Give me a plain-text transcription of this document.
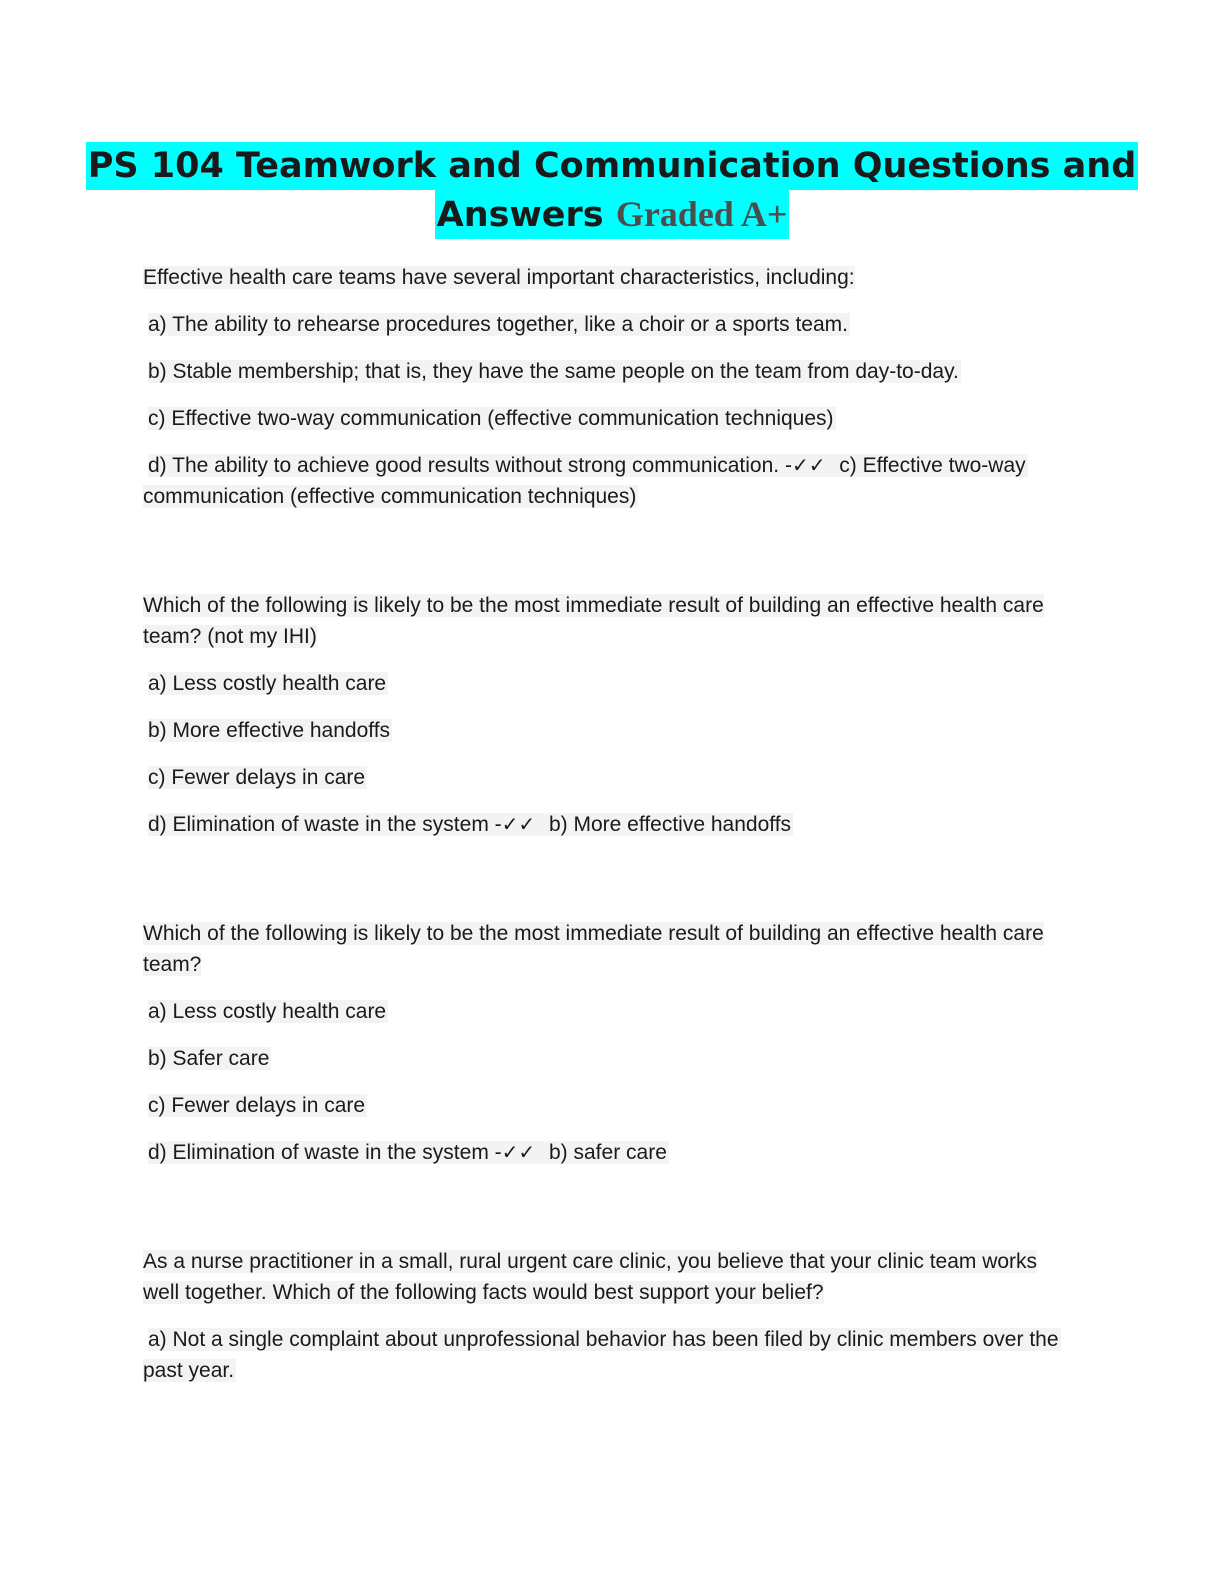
PS 104 Teamwork and Communication Questions and
Answers Graded A+

Effective health care teams have several important characteristics, including:

a) The ability to rehearse procedures together, like a choir or a sports team.

b) Stable membership; that is, they have the same people on the team from day-to-day.

c) Effective two-way communication (effective communication techniques)

d) The ability to achieve good results without strong communication. -✓✓ c) Effective two-way communication (effective communication techniques)

Which of the following is likely to be the most immediate result of building an effective health care team? (not my IHI)

a) Less costly health care

b) More effective handoffs

c) Fewer delays in care

d) Elimination of waste in the system -✓✓ b) More effective handoffs

Which of the following is likely to be the most immediate result of building an effective health care team?

a) Less costly health care

b) Safer care

c) Fewer delays in care

d) Elimination of waste in the system -✓✓ b) safer care

As a nurse practitioner in a small, rural urgent care clinic, you believe that your clinic team works well together. Which of the following facts would best support your belief?

a) Not a single complaint about unprofessional behavior has been filed by clinic members over the past year.
